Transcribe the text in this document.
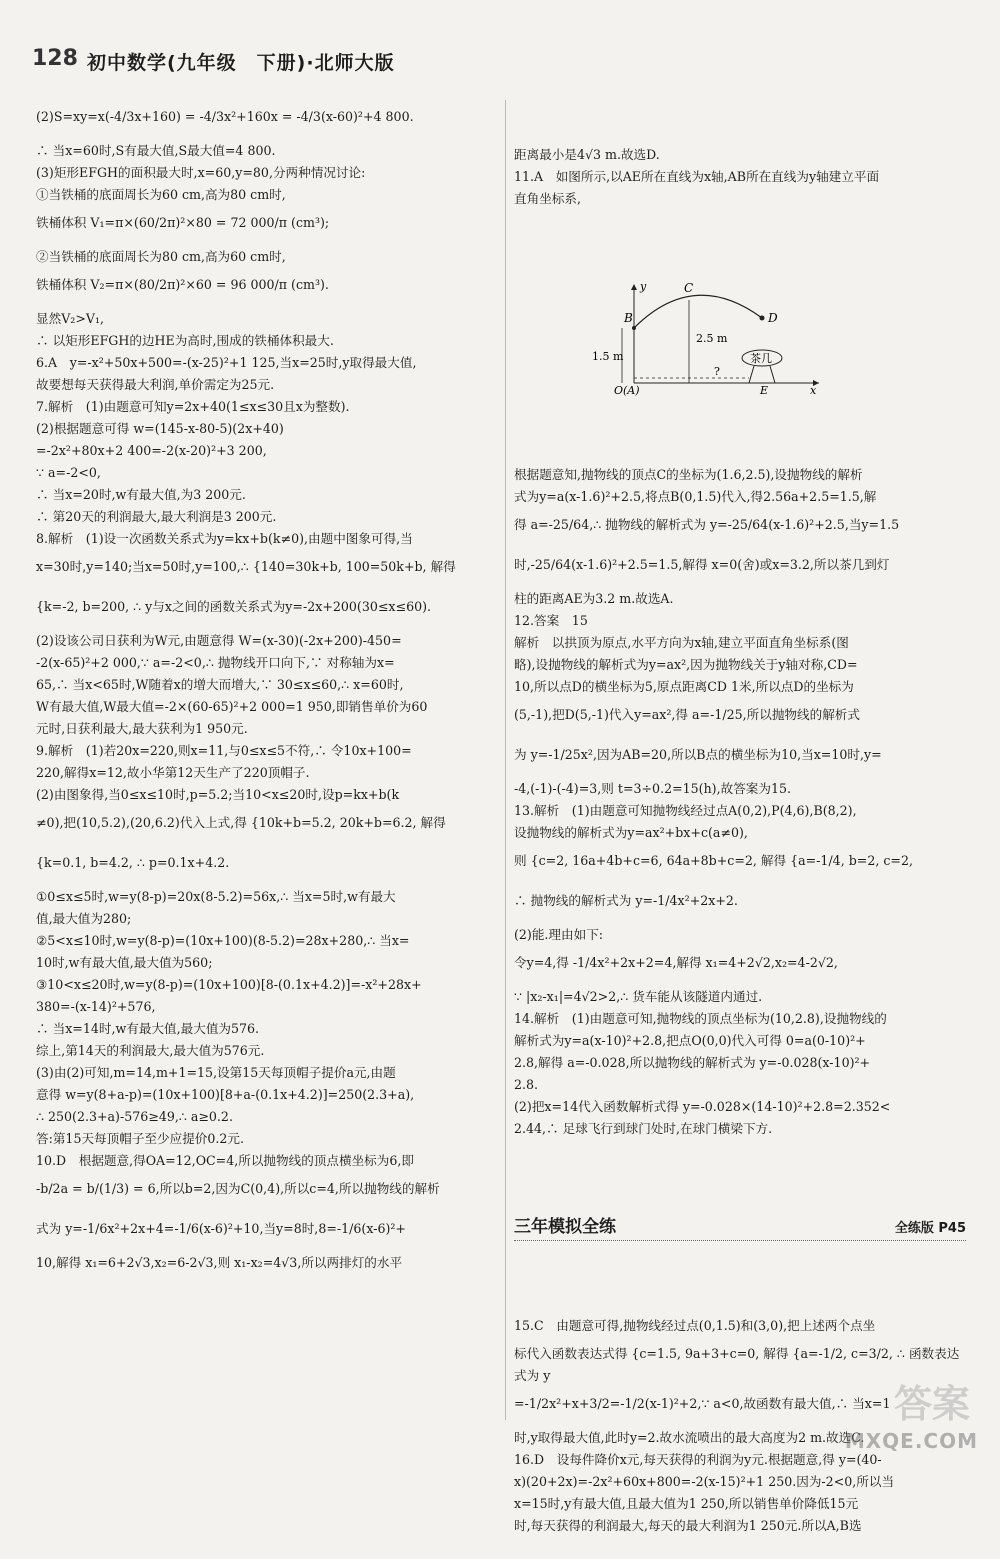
128 初中数学(九年级　下册)·北师大版
(2)S=xy=x(-4/3x+160) = -4/3x²+160x = -4/3(x-60)²+4 800.
∴ 当x=60时,S有最大值,S最大值=4 800.
(3)矩形EFGH的面积最大时,x=60,y=80,分两种情况讨论:
①当铁桶的底面周长为60 cm,高为80 cm时,
铁桶体积 V₁=π×(60/2π)²×80 = 72 000/π (cm³);
②当铁桶的底面周长为80 cm,高为60 cm时,
铁桶体积 V₂=π×(80/2π)²×60 = 96 000/π (cm³).
显然V₂>V₁,
∴ 以矩形EFGH的边HE为高时,围成的铁桶体积最大.
6.A　y=-x²+50x+500=-(x-25)²+1 125,当x=25时,y取得最大值,
故要想每天获得最大利润,单价需定为25元.
7.解析　(1)由题意可知y=2x+40(1≤x≤30且x为整数).
(2)根据题意可得 w=(145-x-80-5)(2x+40)
=-2x²+80x+2 400=-2(x-20)²+3 200,
∵ a=-2<0,
∴ 当x=20时,w有最大值,为3 200元.
∴ 第20天的利润最大,最大利润是3 200元.
8.解析　(1)设一次函数关系式为y=kx+b(k≠0),由题中图象可得,当
x=30时,y=140;当x=50时,y=100,∴ {140=30k+b, 100=50k+b, 解得
{k=-2, b=200, ∴ y与x之间的函数关系式为y=-2x+200(30≤x≤60).
(2)设该公司日获利为W元,由题意得 W=(x-30)(-2x+200)-450=
-2(x-65)²+2 000,∵ a=-2<0,∴ 抛物线开口向下,∵ 对称轴为x=
65,∴ 当x<65时,W随着x的增大而增大,∵ 30≤x≤60,∴ x=60时,
W有最大值,W最大值=-2×(60-65)²+2 000=1 950,即销售单价为60
元时,日获利最大,最大获利为1 950元.
9.解析　(1)若20x=220,则x=11,与0≤x≤5不符,∴ 令10x+100=
220,解得x=12,故小华第12天生产了220顶帽子.
(2)由图象得,当0≤x≤10时,p=5.2;当10<x≤20时,设p=kx+b(k
≠0),把(10,5.2),(20,6.2)代入上式,得 {10k+b=5.2, 20k+b=6.2, 解得
{k=0.1, b=4.2, ∴ p=0.1x+4.2.
①0≤x≤5时,w=y(8-p)=20x(8-5.2)=56x,∴ 当x=5时,w有最大
值,最大值为280;
②5<x≤10时,w=y(8-p)=(10x+100)(8-5.2)=28x+280,∴ 当x=
10时,w有最大值,最大值为560;
③10<x≤20时,w=y(8-p)=(10x+100)[8-(0.1x+4.2)]=-x²+28x+
380=-(x-14)²+576,
∴ 当x=14时,w有最大值,最大值为576.
综上,第14天的利润最大,最大值为576元.
(3)由(2)可知,m=14,m+1=15,设第15天每顶帽子提价a元,由题
意得 w=y(8+a-p)=(10x+100)[8+a-(0.1x+4.2)]=250(2.3+a),
∴ 250(2.3+a)-576≥49,∴ a≥0.2.
答:第15天每顶帽子至少应提价0.2元.
10.D　根据题意,得OA=12,OC=4,所以抛物线的顶点横坐标为6,即
-b/2a = b/(1/3) = 6,所以b=2,因为C(0,4),所以c=4,所以抛物线的解析
式为 y=-1/6x²+2x+4=-1/6(x-6)²+10,当y=8时,8=-1/6(x-6)²+
10,解得 x₁=6+2√3,x₂=6-2√3,则 x₁-x₂=4√3,所以两排灯的水平

距离最小是4√3 m.故选D.
11.A　如图所示,以AE所在直线为x轴,AB所在直线为y轴建立平面
直角坐标系,

C
B	D
O(A)	E
y
x
2.5 m
1.5 m
?
茶几

根据题意知,抛物线的顶点C的坐标为(1.6,2.5),设抛物线的解析
式为y=a(x-1.6)²+2.5,将点B(0,1.5)代入,得2.56a+2.5=1.5,解
得 a=-25/64,∴ 抛物线的解析式为 y=-25/64(x-1.6)²+2.5,当y=1.5
时,-25/64(x-1.6)²+2.5=1.5,解得 x=0(舍)或x=3.2,所以茶几到灯
柱的距离AE为3.2 m.故选A.
12.答案　15
解析　以拱顶为原点,水平方向为x轴,建立平面直角坐标系(图
略),设抛物线的解析式为y=ax²,因为抛物线关于y轴对称,CD=
10,所以点D的横坐标为5,原点距离CD 1米,所以点D的坐标为
(5,-1),把D(5,-1)代入y=ax²,得 a=-1/25,所以抛物线的解析式
为 y=-1/25x²,因为AB=20,所以B点的横坐标为10,当x=10时,y=
-4,(-1)-(-4)=3,则 t=3÷0.2=15(h),故答案为15.
13.解析　(1)由题意可知抛物线经过点A(0,2),P(4,6),B(8,2),
设抛物线的解析式为y=ax²+bx+c(a≠0),
则 {c=2, 16a+4b+c=6, 64a+8b+c=2, 解得 {a=-1/4, b=2, c=2,
∴ 抛物线的解析式为 y=-1/4x²+2x+2.
(2)能.理由如下:
令y=4,得 -1/4x²+2x+2=4,解得 x₁=4+2√2,x₂=4-2√2,
∵ |x₂-x₁|=4√2>2,∴ 货车能从该隧道内通过.
14.解析　(1)由题意可知,抛物线的顶点坐标为(10,2.8),设抛物线的
解析式为y=a(x-10)²+2.8,把点O(0,0)代入可得 0=a(0-10)²+
2.8,解得 a=-0.028,所以抛物线的解析式为 y=-0.028(x-10)²+
2.8.
(2)把x=14代入函数解析式得 y=-0.028×(14-10)²+2.8=2.352<
2.44,∴ 足球飞行到球门处时,在球门横梁下方.

三年模拟全练	全练版 P45

15.C　由题意可得,抛物线经过点(0,1.5)和(3,0),把上述两个点坐
标代入函数表达式得 {c=1.5, 9a+3+c=0, 解得 {a=-1/2, c=3/2, ∴ 函数表达式为 y
=-1/2x²+x+3/2=-1/2(x-1)²+2,∵ a<0,故函数有最大值,∴ 当x=1
时,y取得最大值,此时y=2.故水流喷出的最大高度为2 m.故选C.
16.D　设每件降价x元,每天获得的利润为y元.根据题意,得 y=(40-
x)(20+2x)=-2x²+60x+800=-2(x-15)²+1 250.因为-2<0,所以当
x=15时,y有最大值,且最大值为1 250,所以销售单价降低15元
时,每天获得的利润最大,每天的最大利润为1 250元.所以A,B选

答案
MXQE.COM
